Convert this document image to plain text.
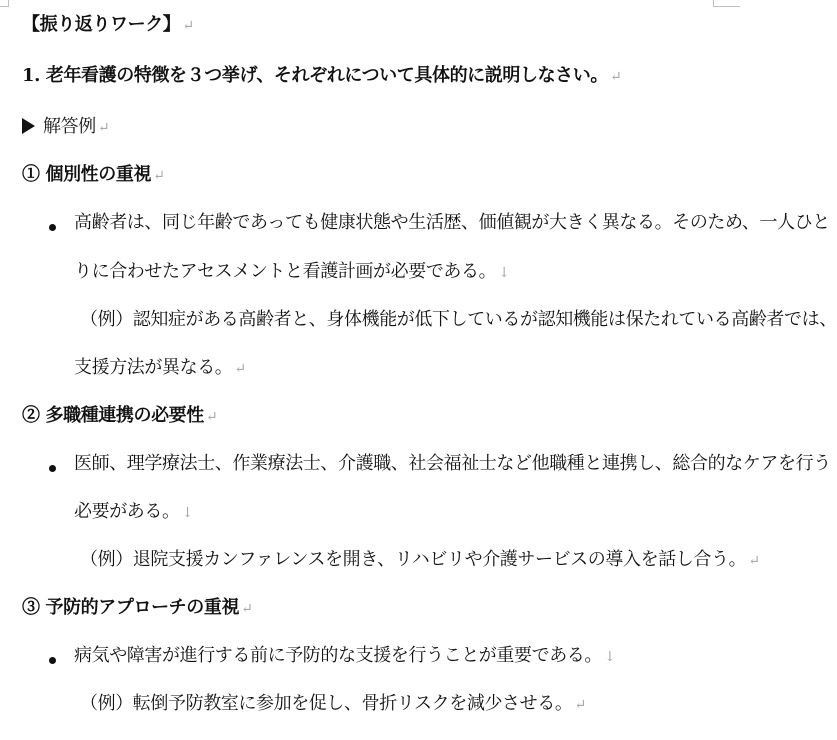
【振り返りワーク】 ↵
1. 老年看護の特徴を３つ挙げ、それぞれについて具体的に説明しなさい。 ↵
解答例 ↵
① 個別性の重視 ↵
高齢者は、同じ年齢であっても健康状態や生活歴、価値観が大きく異なる。そのため、一人ひと
りに合わせたアセスメントと看護計画が必要である。 ↓
（例）認知症がある高齢者と、身体機能が低下しているが認知機能は保たれている高齢者では、
支援方法が異なる。 ↵
② 多職種連携の必要性 ↵
医師、理学療法士、作業療法士、介護職、社会福祉士など他職種と連携し、総合的なケアを行う
必要がある。 ↓
（例）退院支援カンファレンスを開き、リハビリや介護サービスの導入を話し合う。 ↵
③ 予防的アプローチの重視 ↵
病気や障害が進行する前に予防的な支援を行うことが重要である。 ↓
（例）転倒予防教室に参加を促し、骨折リスクを減少させる。 ↵
